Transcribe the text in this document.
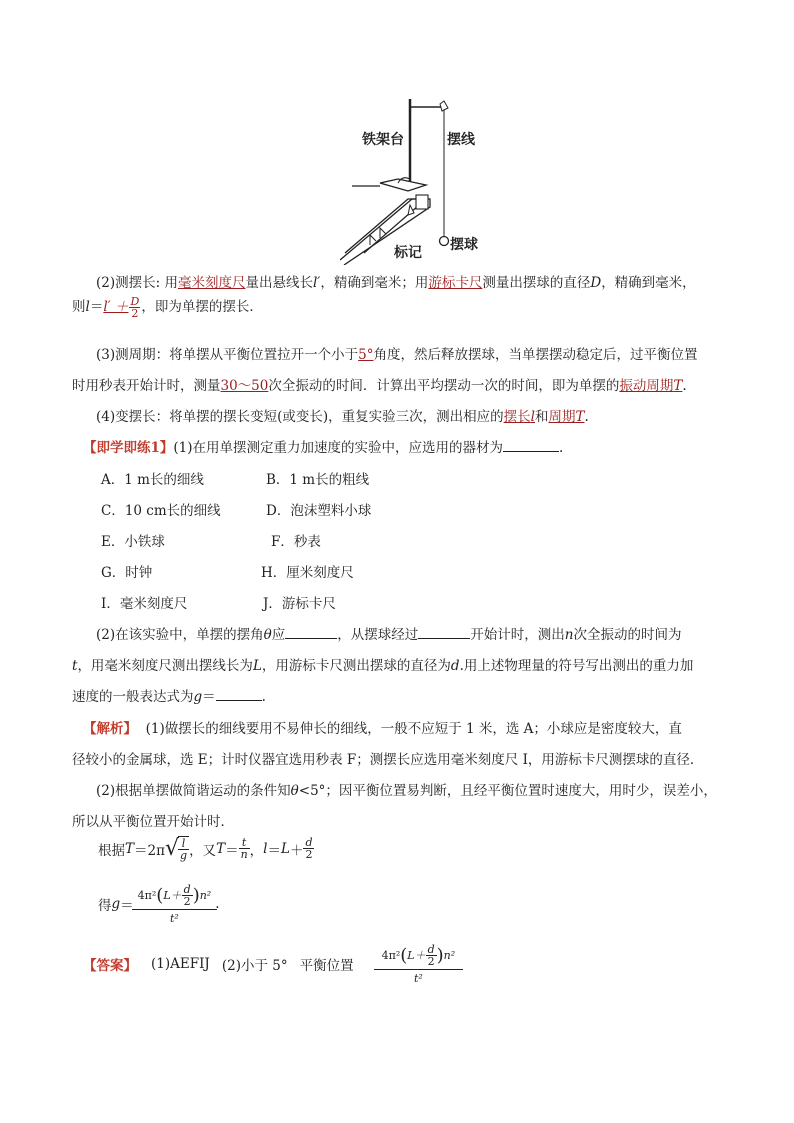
铁架台	摆线
标记 摆球
(2)测摆长: 用毫米刻度尺量出悬线长l′，精确到毫米；用游标卡尺测量出摆球的直径D，精确到毫米，
则$l=l' + \frac{D}{2}$ ，即为单摆的摆长．
(3)测周期：将单摆从平衡位置拉开一个小于5°角度，然后释放摆球，当单摆摆动稳定后，过平衡位置
时用秒表开始计时，测量30～50次全振动的时间．计算出平均摆动一次的时间，即为单摆的振动周期T.
(4)变摆长：将单摆的摆长变短(或变长)，重复实验三次，测出相应的摆长l和周期T.
【即学即练1】(1)在用单摆测定重力加速度的实验中，应选用的器材为	.
A．1 m长的细线	B．1 m长的粗线
C．10 cm长的细线	D．泡沫塑料小球
E．小铁球	F．秒表
G．时钟	H．厘米刻度尺
I．毫米刻度尺	J．游标卡尺
(2)在该实验中，单摆的摆角θ应	，从摆球经过	开始计时，测出n次全振动的时间为
t，用毫米刻度尺测出摆线长为L，用游标卡尺测出摆球的直径为d.用上述物理量的符号写出测出的重力加
速度的一般表达式为g＝	.
【解析】 (1)做摆长的细线要用不易伸长的细线，一般不应短于 1 米，选 A；小球应是密度较大，直
径较小的金属球，选 E；计时仪器宜选用秒表 F；测摆长应选用毫米刻度尺 I，用游标卡尺测摆球的直径．
(2)根据单摆做简谐运动的条件知θ<5°；因平衡位置易判断，且经平衡位置时速度大，用时少，误差小，
所以从平衡位置开始计时．
根据 T ＝2π √ $\frac{l}{g}$ ，又 $T = \frac{t}{n}$ ， $l = L + \frac{d}{2}$
得 $g = \frac{4\pi^2 ( L+ \frac{d}{2} ) n^2}{\text{t²}}$ .
【答案】 (1)AEFIJ (2)小于 5° 平衡位置 $\frac{4\pi^2 ( L+ \frac{d}{2} ) n^2}{\text{t²}}$
